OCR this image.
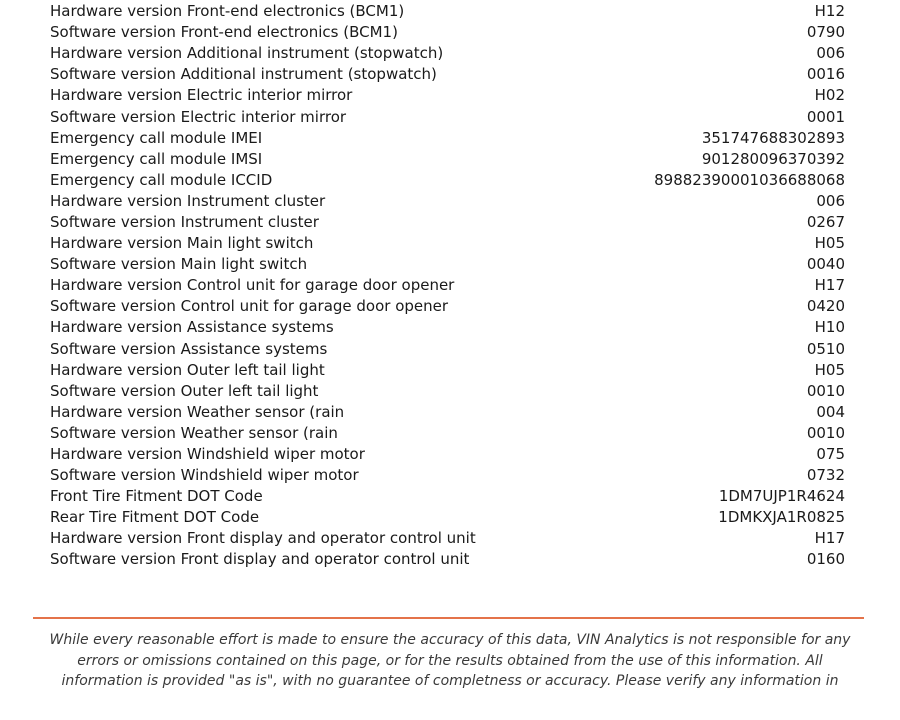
Hardware version Front-end electronics (BCM1)	H12
Software version Front-end electronics (BCM1)	0790
Hardware version Additional instrument (stopwatch)	006
Software version Additional instrument (stopwatch)	0016
Hardware version Electric interior mirror	H02
Software version Electric interior mirror	0001
Emergency call module IMEI	351747688302893
Emergency call module IMSI	901280096370392
Emergency call module ICCID	89882390001036688068
Hardware version Instrument cluster	006
Software version Instrument cluster	0267
Hardware version Main light switch	H05
Software version Main light switch	0040
Hardware version Control unit for garage door opener	H17
Software version Control unit for garage door opener	0420
Hardware version Assistance systems	H10
Software version Assistance systems	0510
Hardware version Outer left tail light	H05
Software version Outer left tail light	0010
Hardware version Weather sensor (rain	004
Software version Weather sensor (rain	0010
Hardware version Windshield wiper motor	075
Software version Windshield wiper motor	0732
Front Tire Fitment DOT Code	1DM7UJP1R4624
Rear Tire Fitment DOT Code	1DMKXJA1R0825
Hardware version Front display and operator control unit	H17
Software version Front display and operator control unit	0160
While every reasonable effort is made to ensure the accuracy of this data, VIN Analytics is not responsible for any
errors or omissions contained on this page, or for the results obtained from the use of this information. All
information is provided "as is", with no guarantee of completness or accuracy. Please verify any information in
